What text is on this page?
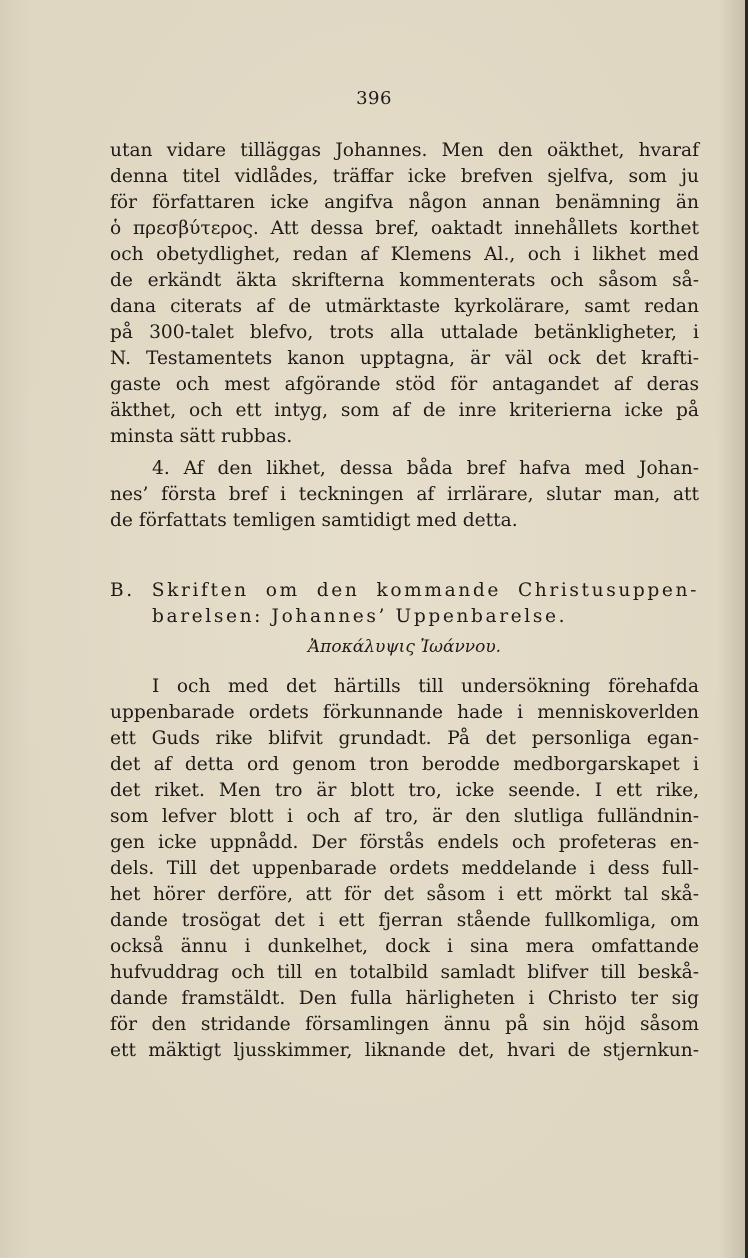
396
utan vidare tilläggas Johannes. Men den oäkthet, hvaraf
denna titel vidlådes, träffar icke brefven sjelfva, som ju
för författaren icke angifva någon annan benämning än
ὁ πρεσβύτερος. Att dessa bref, oaktadt innehållets korthet
och obetydlighet, redan af Klemens Al., och i likhet med
de erkändt äkta skrifterna kommenterats och såsom så-
dana citerats af de utmärktaste kyrkolärare, samt redan
på 300-talet blefvo, trots alla uttalade betänkligheter, i
N. Testamentets kanon upptagna, är väl ock det krafti-
gaste och mest afgörande stöd för antagandet af deras
äkthet, och ett intyg, som af de inre kriterierna icke på
minsta sätt rubbas.
4. Af den likhet, dessa båda bref hafva med Johan-
nes’ första bref i teckningen af irrlärare, slutar man, att
de författats temligen samtidigt med detta.
B. Skriften om den kommande Christusuppen-
barelsen: Johannes’ Uppenbarelse.
Ἀποκάλυψις Ἰωάννου.
I och med det härtills till undersökning förehafda
uppenbarade ordets förkunnande hade i menniskoverlden
ett Guds rike blifvit grundadt. På det personliga egan-
det af detta ord genom tron berodde medborgarskapet i
det riket. Men tro är blott tro, icke seende. I ett rike,
som lefver blott i och af tro, är den slutliga fulländnin-
gen icke uppnådd. Der förstås endels och profeteras en-
dels. Till det uppenbarade ordets meddelande i dess full-
het hörer derföre, att för det såsom i ett mörkt tal skå-
dande trosögat det i ett fjerran stående fullkomliga, om
också ännu i dunkelhet, dock i sina mera omfattande
hufvuddrag och till en totalbild samladt blifver till beskå-
dande framstäldt. Den fulla härligheten i Christo ter sig
för den stridande församlingen ännu på sin höjd såsom
ett mäktigt ljusskimmer, liknande det, hvari de stjernkun-
